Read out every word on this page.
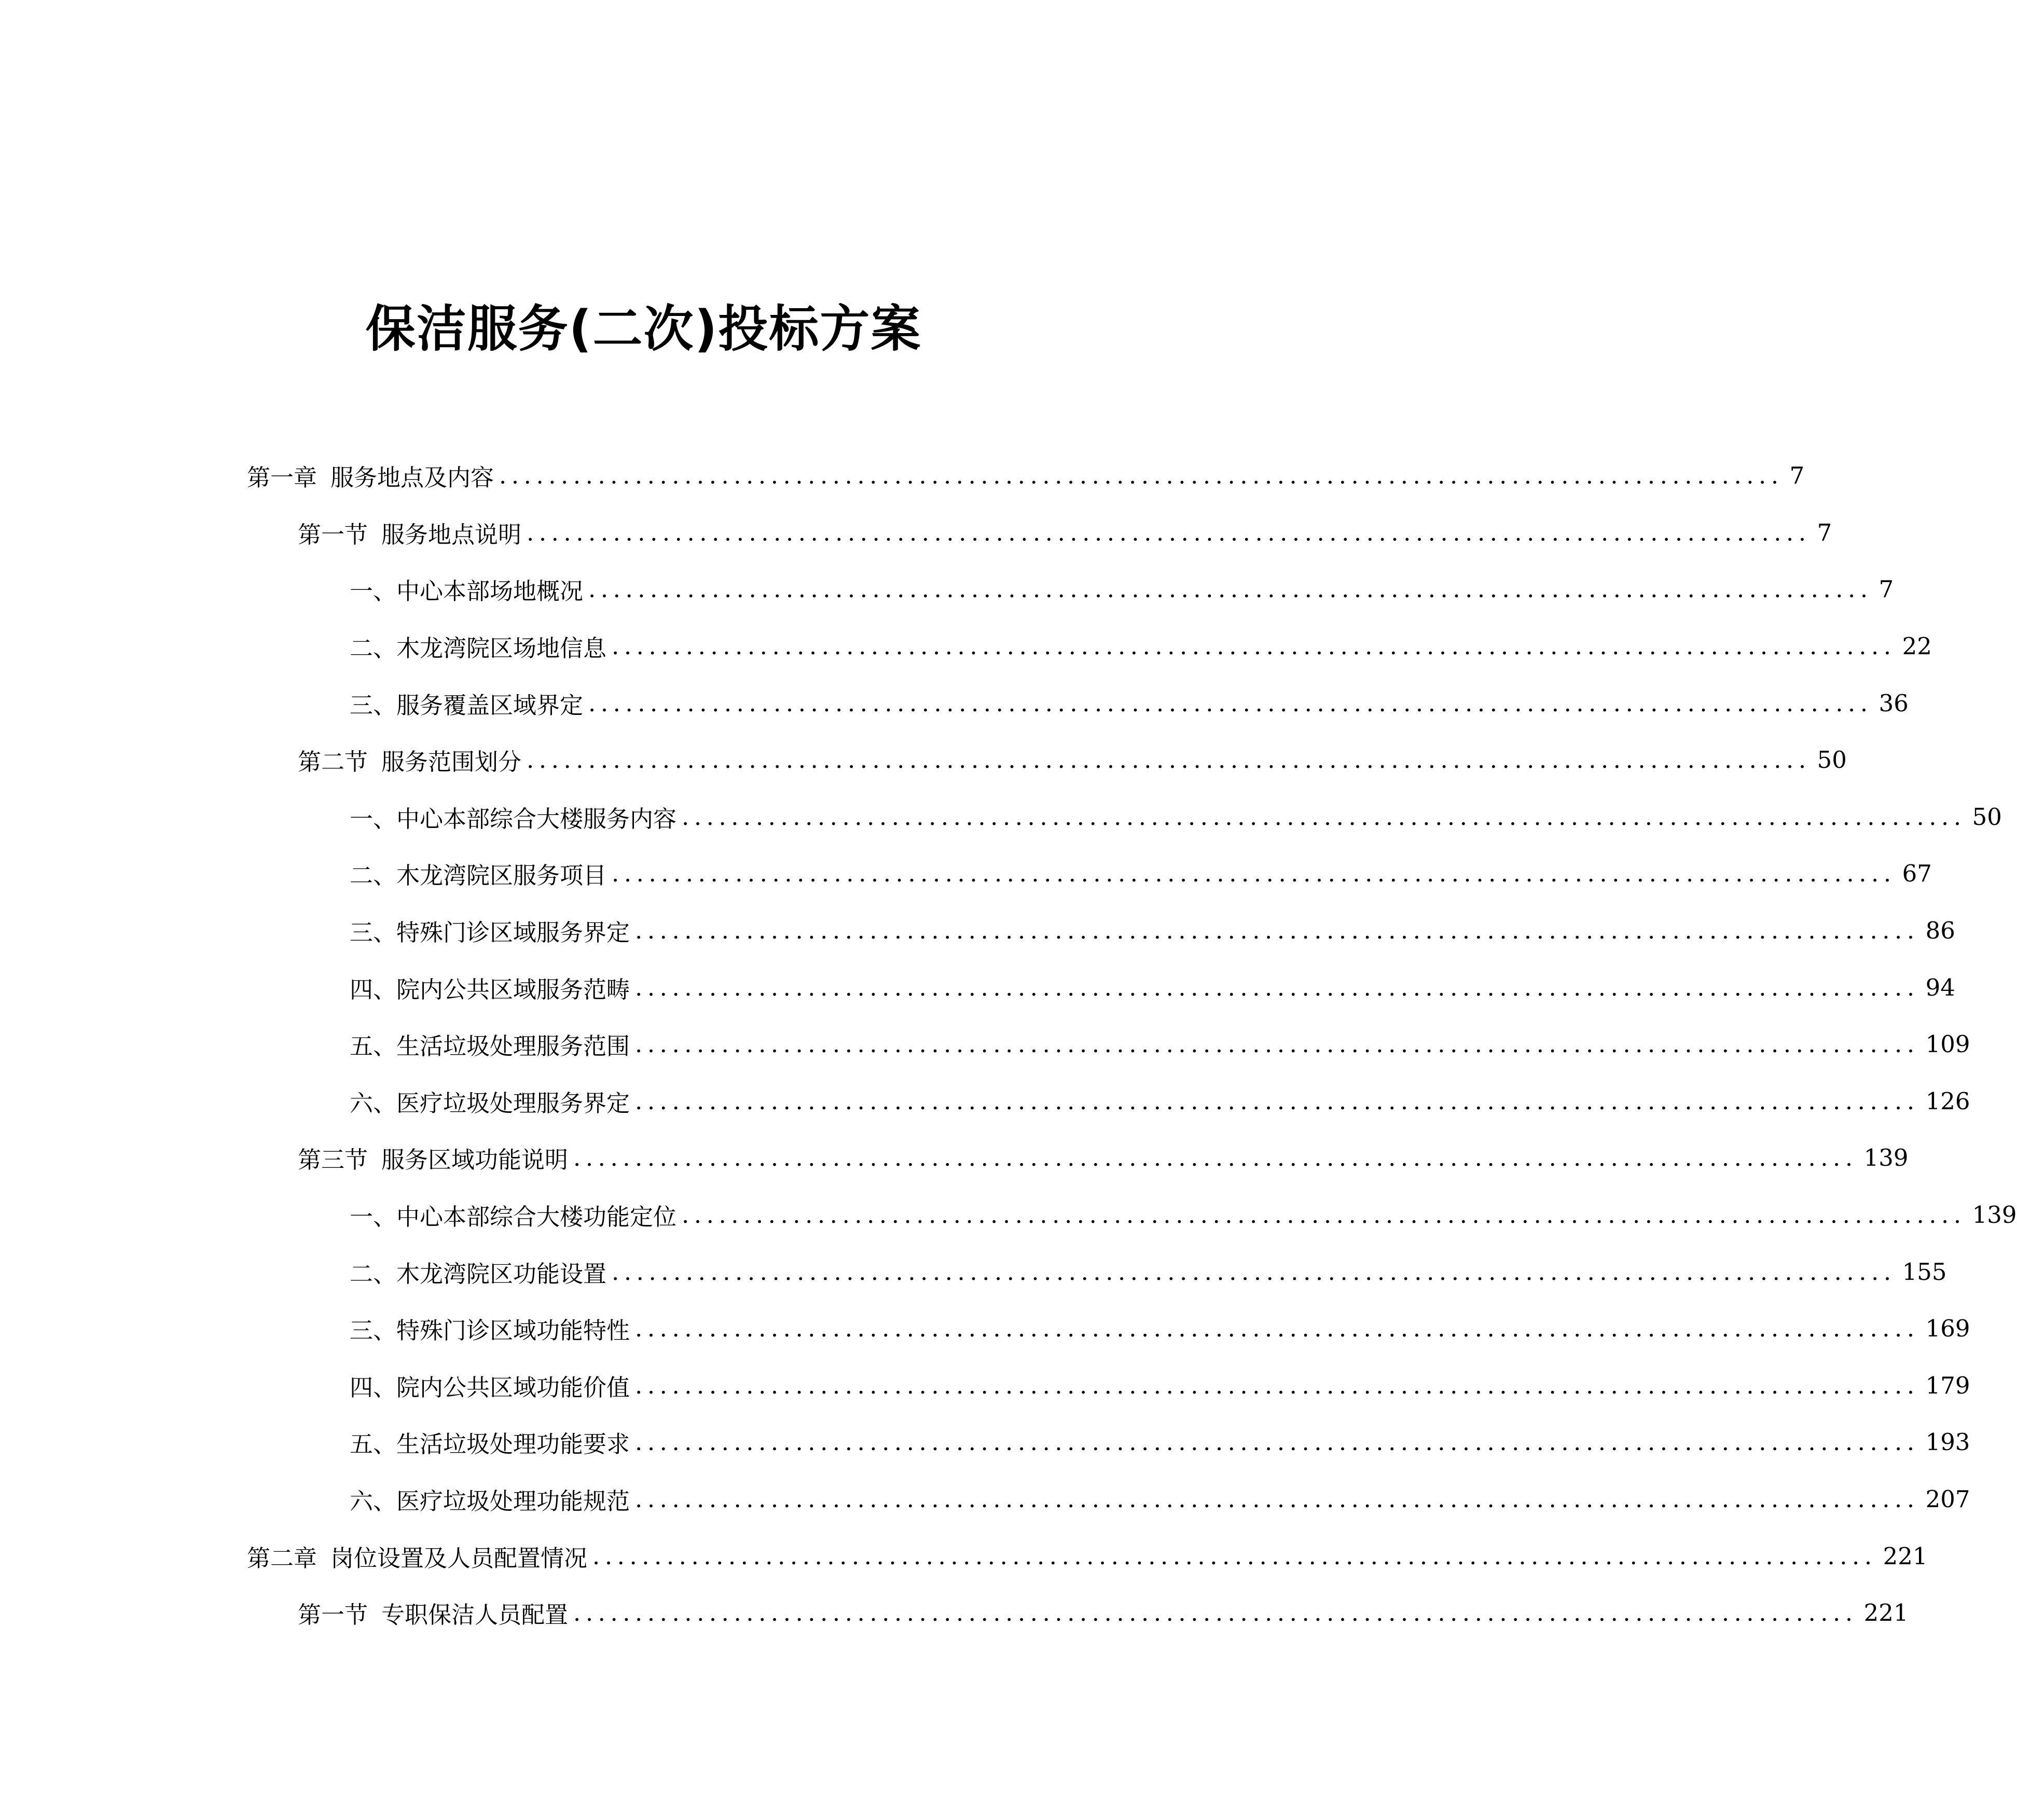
保洁服务(二次)投标方案
第一章 服务地点及内容 ........................................................................................................ 7
第一节 服务地点说明 ........................................................................................................ 7
一、 中心本部场地概况 ........................................................................................................ 7
二、 木龙湾院区场地信息 ........................................................................................................ 22
三、 服务覆盖区域界定 ........................................................................................................ 36
第二节 服务范围划分 ........................................................................................................ 50
一、 中心本部综合大楼服务内容 ........................................................................................................ 50
二、 木龙湾院区服务项目 ........................................................................................................ 67
三、 特殊门诊区域服务界定 ........................................................................................................ 86
四、 院内公共区域服务范畴 ........................................................................................................ 94
五、 生活垃圾处理服务范围 ........................................................................................................ 109
六、 医疗垃圾处理服务界定 ........................................................................................................ 126
第三节 服务区域功能说明 ........................................................................................................ 139
一、 中心本部综合大楼功能定位 ........................................................................................................ 139
二、 木龙湾院区功能设置 ........................................................................................................ 155
三、 特殊门诊区域功能特性 ........................................................................................................ 169
四、 院内公共区域功能价值 ........................................................................................................ 179
五、 生活垃圾处理功能要求 ........................................................................................................ 193
六、 医疗垃圾处理功能规范 ........................................................................................................ 207
第二章 岗位设置及人员配置情况 ........................................................................................................ 221
第一节 专职保洁人员配置 ........................................................................................................ 221
